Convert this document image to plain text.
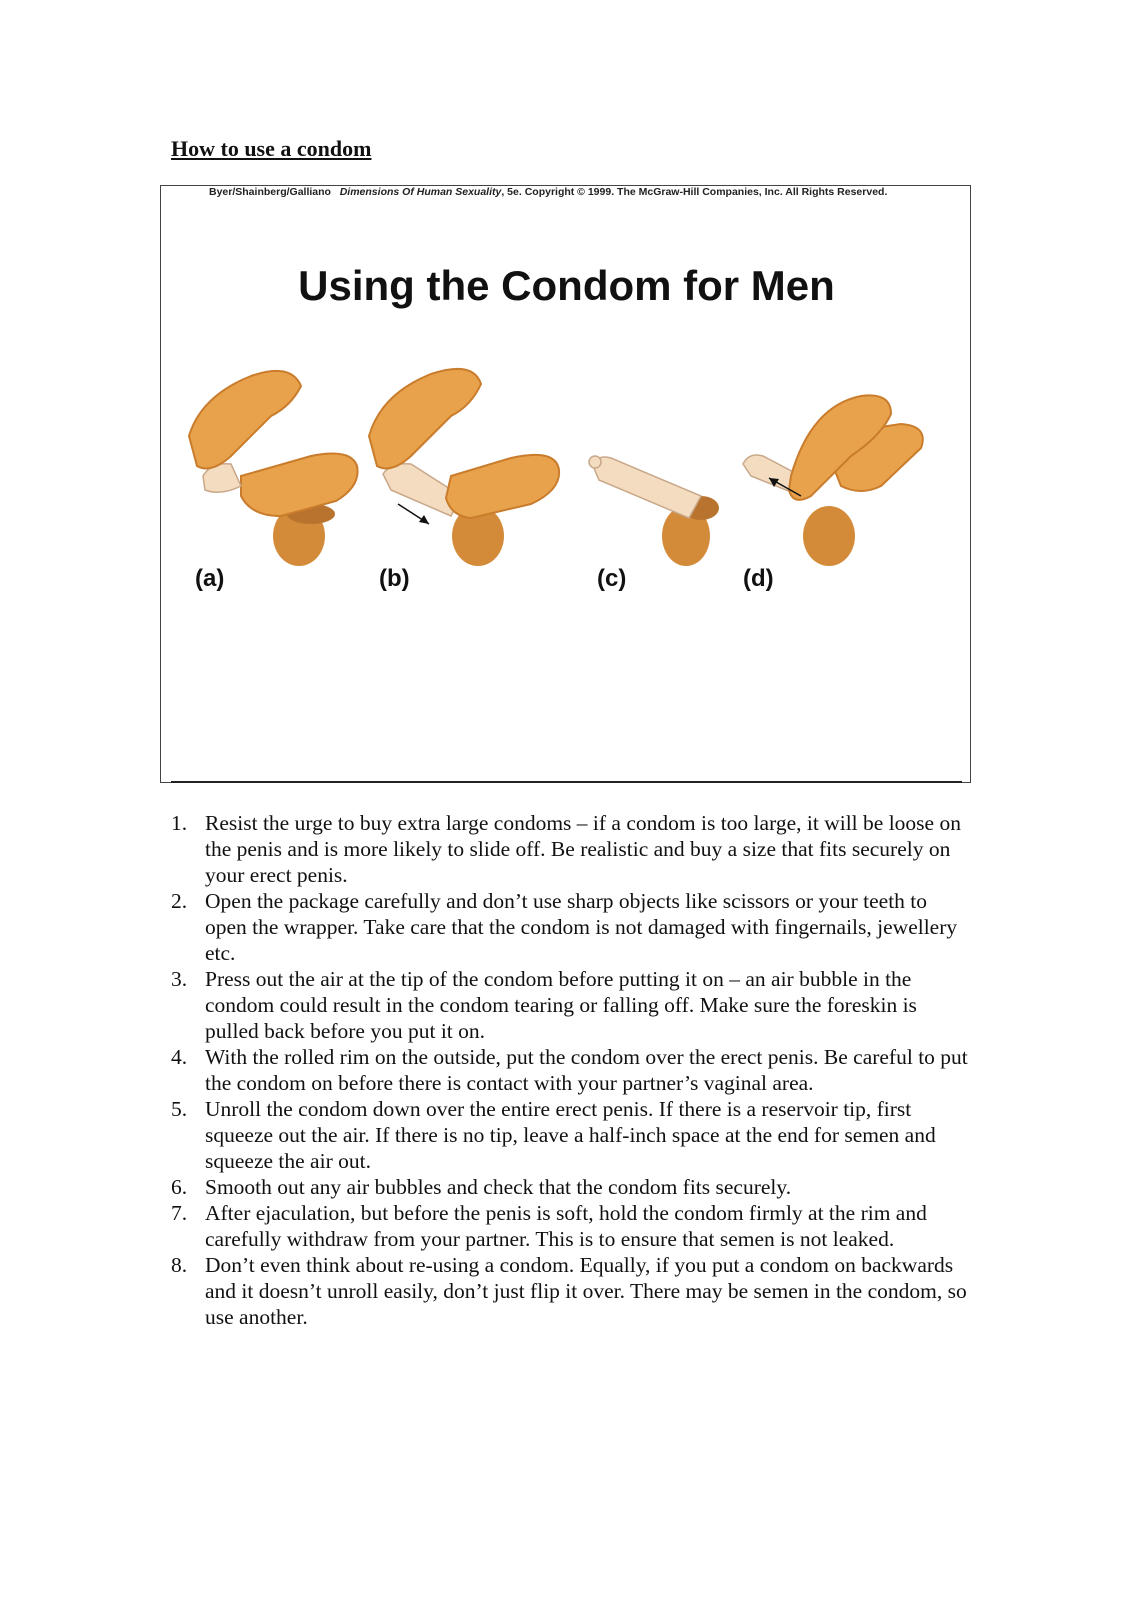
How to use a condom
Byer/Shainberg/Galliano Dimensions Of Human Sexuality, 5e. Copyright © 1999. The McGraw-Hill Companies, Inc. All Rights Reserved.
Using the Condom for Men
(a)	(b)	(c)	(d)
1. Resist the urge to buy extra large condoms – if a condom is too large, it will be loose on the penis and is more likely to slide off. Be realistic and buy a size that fits securely on your erect penis.
2. Open the package carefully and don’t use sharp objects like scissors or your teeth to open the wrapper. Take care that the condom is not damaged with fingernails, jewellery etc.
3. Press out the air at the tip of the condom before putting it on – an air bubble in the condom could result in the condom tearing or falling off. Make sure the foreskin is pulled back before you put it on.
4. With the rolled rim on the outside, put the condom over the erect penis. Be careful to put the condom on before there is contact with your partner’s vaginal area.
5. Unroll the condom down over the entire erect penis. If there is a reservoir tip, first squeeze out the air. If there is no tip, leave a half-inch space at the end for semen and squeeze the air out.
6. Smooth out any air bubbles and check that the condom fits securely.
7. After ejaculation, but before the penis is soft, hold the condom firmly at the rim and carefully withdraw from your partner. This is to ensure that semen is not leaked.
8. Don’t even think about re-using a condom. Equally, if you put a condom on backwards and it doesn’t unroll easily, don’t just flip it over. There may be semen in the condom, so use another.
